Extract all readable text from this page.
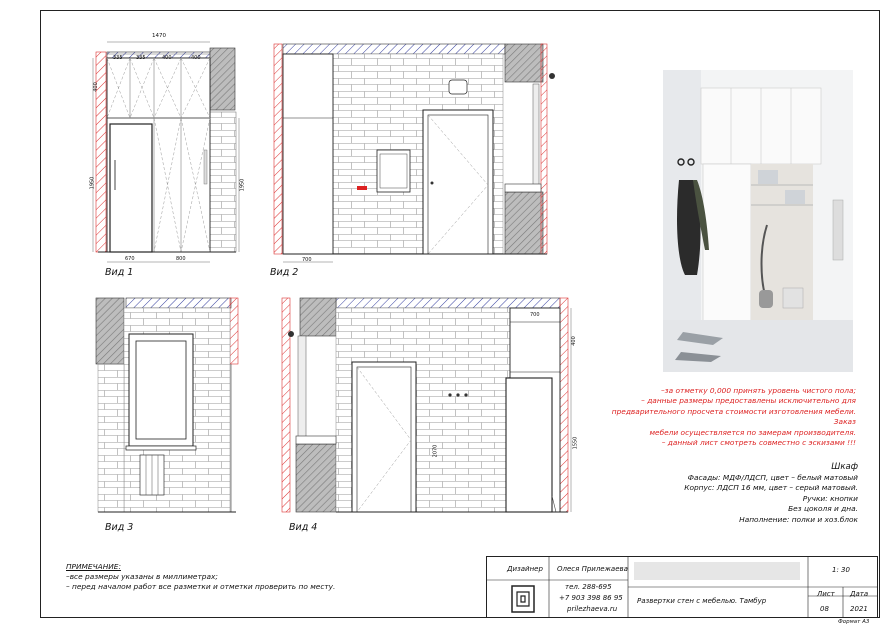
1470
335	335	400	400
670	800
1950
400
1950
700
700
400
1550
2070
Вид 1	Вид 2
Вид 3	Вид 4
–за отметку 0,000 принять уровень чистого пола;
– данные размеры предоставлены исключительно для
предварительного просчета стоимости изготовления мебели. Заказ
мебели осуществляется по замерам производителя.
– данный лист смотреть совместно с эскизами !!!
Шкаф
Фасады: МДФ/ЛДСП, цвет – белый матовый
Корпус: ЛДСП 16 мм, цвет – серый матовый.
Ручки: кнопки
Без цоколя и дна.
Наполнение: полки и хоз.блок
ПРИМЕЧАНИЕ:
–все размеры указаны в миллиметрах;
– перед началом работ все разметки и отметки проверить по месту.
Дизайнер Олеся Прилежаева
тел. 288-695
+7 903 398 86 95
prilezhaeva.ru
Развертки стен с мебелью. Тамбур
1: 30
Лист Дата
08	2021
Формат А3
